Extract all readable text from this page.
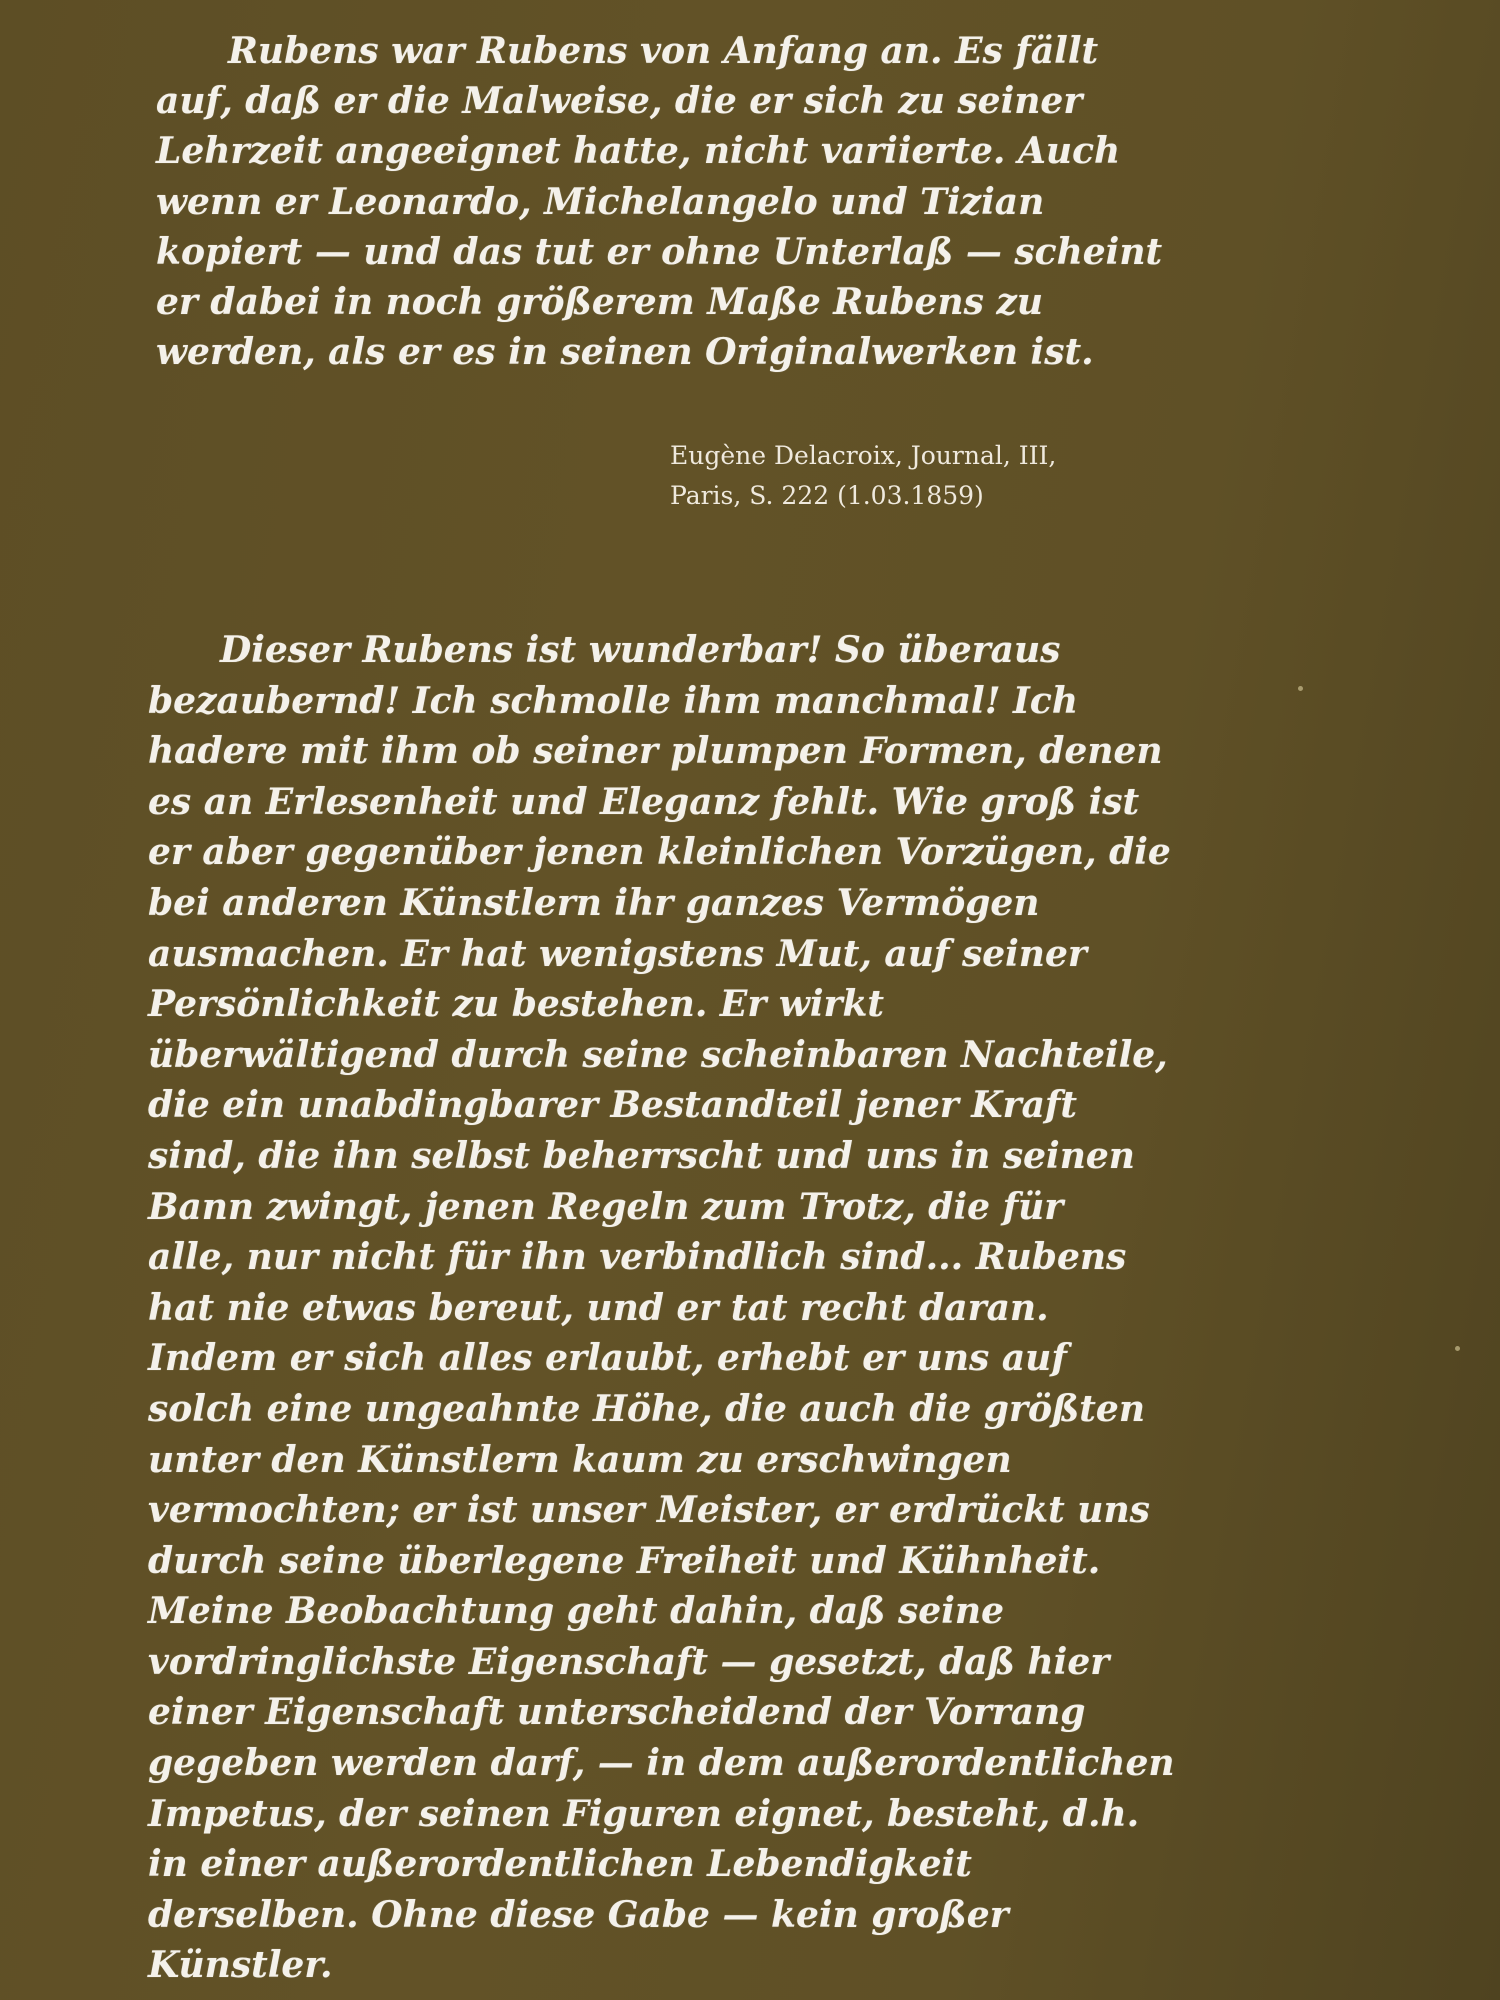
Rubens war Rubens von Anfang an. Es fällt
auf, daß er die Malweise, die er sich zu seiner
Lehrzeit angeeignet hatte, nicht variierte. Auch
wenn er Leonardo, Michelangelo und Tizian
kopiert — und das tut er ohne Unterlaß — scheint
er dabei in noch größerem Maße Rubens zu
werden, als er es in seinen Originalwerken ist.
Eugène Delacroix, Journal, III,
Paris, S. 222 (1.03.1859)
Dieser Rubens ist wunderbar! So überaus
bezaubernd! Ich schmolle ihm manchmal! Ich
hadere mit ihm ob seiner plumpen Formen, denen
es an Erlesenheit und Eleganz fehlt. Wie groß ist
er aber gegenüber jenen kleinlichen Vorzügen, die
bei anderen Künstlern ihr ganzes Vermögen
ausmachen. Er hat wenigstens Mut, auf seiner
Persönlichkeit zu bestehen. Er wirkt
überwältigend durch seine scheinbaren Nachteile,
die ein unabdingbarer Bestandteil jener Kraft
sind, die ihn selbst beherrscht und uns in seinen
Bann zwingt, jenen Regeln zum Trotz, die für
alle, nur nicht für ihn verbindlich sind... Rubens
hat nie etwas bereut, und er tat recht daran.
Indem er sich alles erlaubt, erhebt er uns auf
solch eine ungeahnte Höhe, die auch die größten
unter den Künstlern kaum zu erschwingen
vermochten; er ist unser Meister, er erdrückt uns
durch seine überlegene Freiheit und Kühnheit.
Meine Beobachtung geht dahin, daß seine
vordringlichste Eigenschaft — gesetzt, daß hier
einer Eigenschaft unterscheidend der Vorrang
gegeben werden darf, — in dem außerordentlichen
Impetus, der seinen Figuren eignet, besteht, d.h.
in einer außerordentlichen Lebendigkeit
derselben. Ohne diese Gabe — kein großer
Künstler.
